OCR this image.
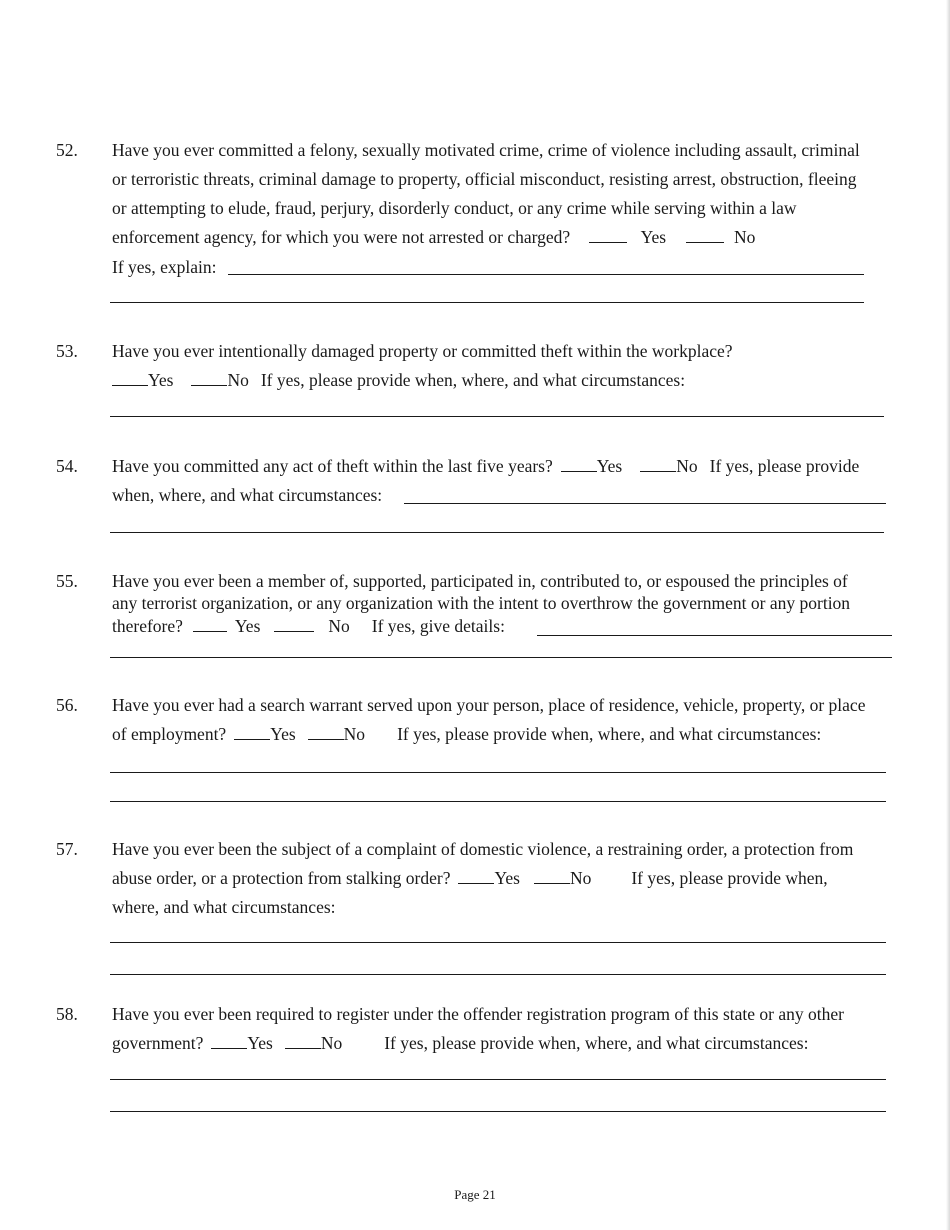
52. Have you ever committed a felony, sexually motivated crime, crime of violence including assault, criminal
or terroristic threats, criminal damage to property, official misconduct, resisting arrest, obstruction, fleeing
or attempting to elude, fraud, perjury, disorderly conduct, or any crime while serving within a law
enforcement agency, for which you were not arrested or charged?	Yes	No
If yes, explain:
53. Have you ever intentionally damaged property or committed theft within the workplace?
Yes	No If yes, please provide when, where, and what circumstances:
54. Have you committed any act of theft within the last five years?	Yes	No If yes, please provide
when, where, and what circumstances:
55. Have you ever been a member of, supported, participated in, contributed to, or espoused the principles of
any terrorist organization, or any organization with the intent to overthrow the government or any portion
therefore?	Yes	No If yes, give details:
56. Have you ever had a search warrant served upon your person, place of residence, vehicle, property, or place
of employment?	Yes	No If yes, please provide when, where, and what circumstances:
57. Have you ever been the subject of a complaint of domestic violence, a restraining order, a protection from
abuse order, or a protection from stalking order?	Yes	No If yes, please provide when,
where, and what circumstances:
58. Have you ever been required to register under the offender registration program of this state or any other
government?	Yes	No If yes, please provide when, where, and what circumstances:
Page 21
